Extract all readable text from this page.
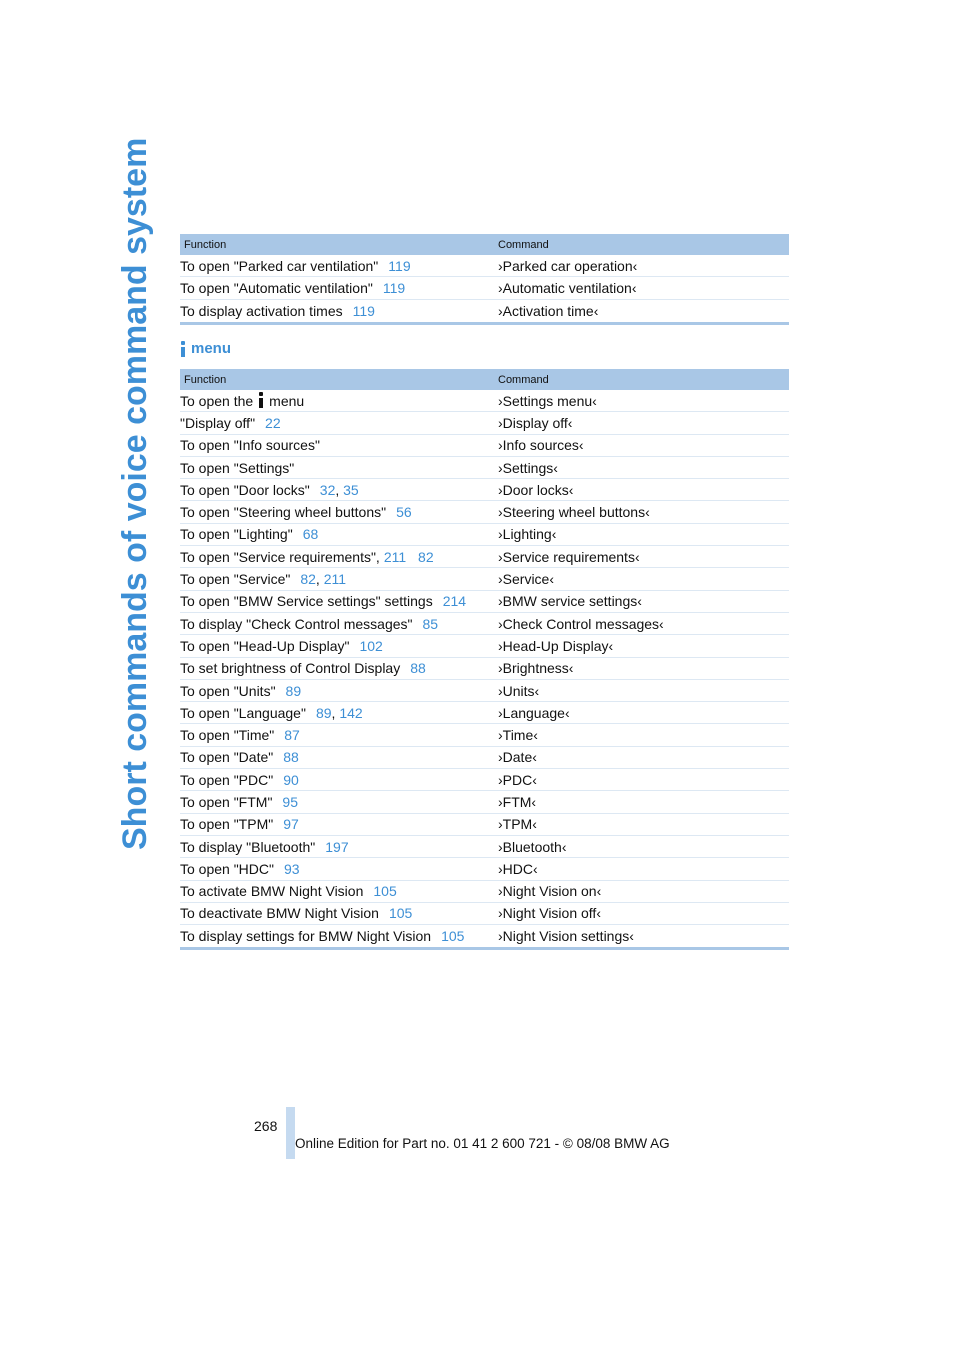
Short commands of voice command system	Function	Command
To open "Parked car ventilation" 119	›Parked car operation‹
To open "Automatic ventilation" 119	›Automatic ventilation‹
To display activation times 119	›Activation time‹
menu
Function	Command
To open the menu	›Settings menu‹
"Display off" 22	›Display off‹
To open "Info sources"	›Info sources‹
To open "Settings"	›Settings‹
To open "Door locks" 32, 35	›Door locks‹
To open "Steering wheel buttons" 56	›Steering wheel buttons‹
To open "Lighting" 68	›Lighting‹
To open "Service requirements", 211 82	›Service requirements‹
To open "Service" 82, 211	›Service‹
To open "BMW Service settings" settings 214	›BMW service settings‹
To display "Check Control messages" 85	›Check Control messages‹
To open "Head-Up Display" 102	›Head-Up Display‹
To set brightness of Control Display 88	›Brightness‹
To open "Units" 89	›Units‹
To open "Language" 89, 142	›Language‹
To open "Time" 87	›Time‹
To open "Date" 88	›Date‹
To open "PDC" 90	›PDC‹
To open "FTM" 95	›FTM‹
To open "TPM" 97	›TPM‹
To display "Bluetooth" 197	›Bluetooth‹
To open "HDC" 93	›HDC‹
To activate BMW Night Vision 105	›Night Vision on‹
To deactivate BMW Night Vision 105	›Night Vision off‹
To display settings for BMW Night Vision 105	›Night Vision settings‹
268
Online Edition for Part no. 01 41 2 600 721 - © 08/08 BMW AG
